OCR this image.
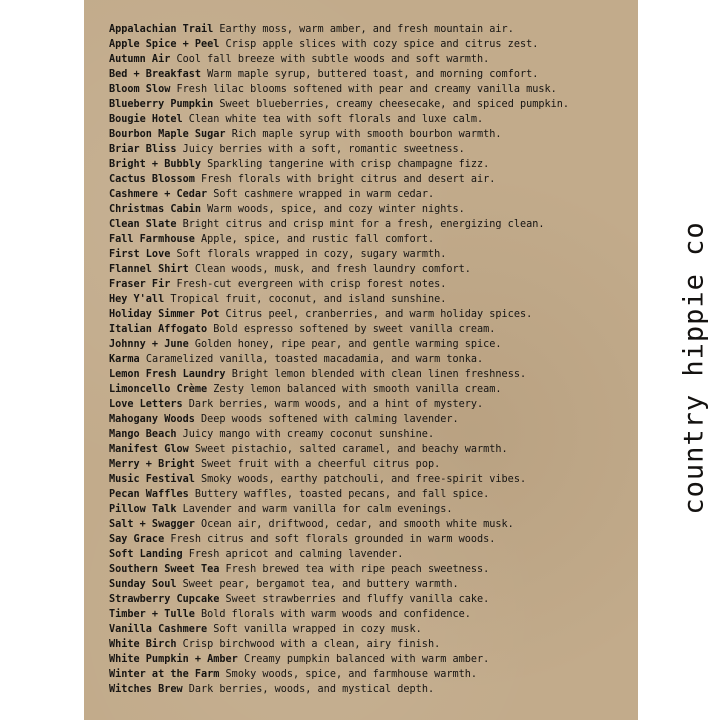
Appalachian Trail Earthy moss, warm amber, and fresh mountain air.
Apple Spice + Peel Crisp apple slices with cozy spice and citrus zest.
Autumn Air Cool fall breeze with subtle woods and soft warmth.
Bed + Breakfast Warm maple syrup, buttered toast, and morning comfort.
Bloom Slow Fresh lilac blooms softened with pear and creamy vanilla musk.
Blueberry Pumpkin Sweet blueberries, creamy cheesecake, and spiced pumpkin.
Bougie Hotel Clean white tea with soft florals and luxe calm.
Bourbon Maple Sugar Rich maple syrup with smooth bourbon warmth.
Briar Bliss Juicy berries with a soft, romantic sweetness.
Bright + Bubbly Sparkling tangerine with crisp champagne fizz.
Cactus Blossom Fresh florals with bright citrus and desert air.
Cashmere + Cedar Soft cashmere wrapped in warm cedar.
Christmas Cabin Warm woods, spice, and cozy winter nights.
Clean Slate Bright citrus and crisp mint for a fresh, energizing clean.
Fall Farmhouse Apple, spice, and rustic fall comfort.
First Love Soft florals wrapped in cozy, sugary warmth.
Flannel Shirt Clean woods, musk, and fresh laundry comfort.
Fraser Fir Fresh-cut evergreen with crisp forest notes.
Hey Y'all Tropical fruit, coconut, and island sunshine.
Holiday Simmer Pot Citrus peel, cranberries, and warm holiday spices.
Italian Affogato Bold espresso softened by sweet vanilla cream.
Johnny + June Golden honey, ripe pear, and gentle warming spice.
Karma Caramelized vanilla, toasted macadamia, and warm tonka.
Lemon Fresh Laundry Bright lemon blended with clean linen freshness.
Limoncello Crème Zesty lemon balanced with smooth vanilla cream.
Love Letters Dark berries, warm woods, and a hint of mystery.
Mahogany Woods Deep woods softened with calming lavender.
Mango Beach Juicy mango with creamy coconut sunshine.
Manifest Glow Sweet pistachio, salted caramel, and beachy warmth.
Merry + Bright Sweet fruit with a cheerful citrus pop.
Music Festival Smoky woods, earthy patchouli, and free-spirit vibes.
Pecan Waffles Buttery waffles, toasted pecans, and fall spice.
Pillow Talk Lavender and warm vanilla for calm evenings.
Salt + Swagger Ocean air, driftwood, cedar, and smooth white musk.
Say Grace Fresh citrus and soft florals grounded in warm woods.
Soft Landing Fresh apricot and calming lavender.
Southern Sweet Tea Fresh brewed tea with ripe peach sweetness.
Sunday Soul Sweet pear, bergamot tea, and buttery warmth.
Strawberry Cupcake Sweet strawberries and fluffy vanilla cake.
Timber + Tulle Bold florals with warm woods and confidence.
Vanilla Cashmere Soft vanilla wrapped in cozy musk.
White Birch Crisp birchwood with a clean, airy finish.
White Pumpkin + Amber Creamy pumpkin balanced with warm amber.
Winter at the Farm Smoky woods, spice, and farmhouse warmth.
Witches Brew Dark berries, woods, and mystical depth.
country hippie co
